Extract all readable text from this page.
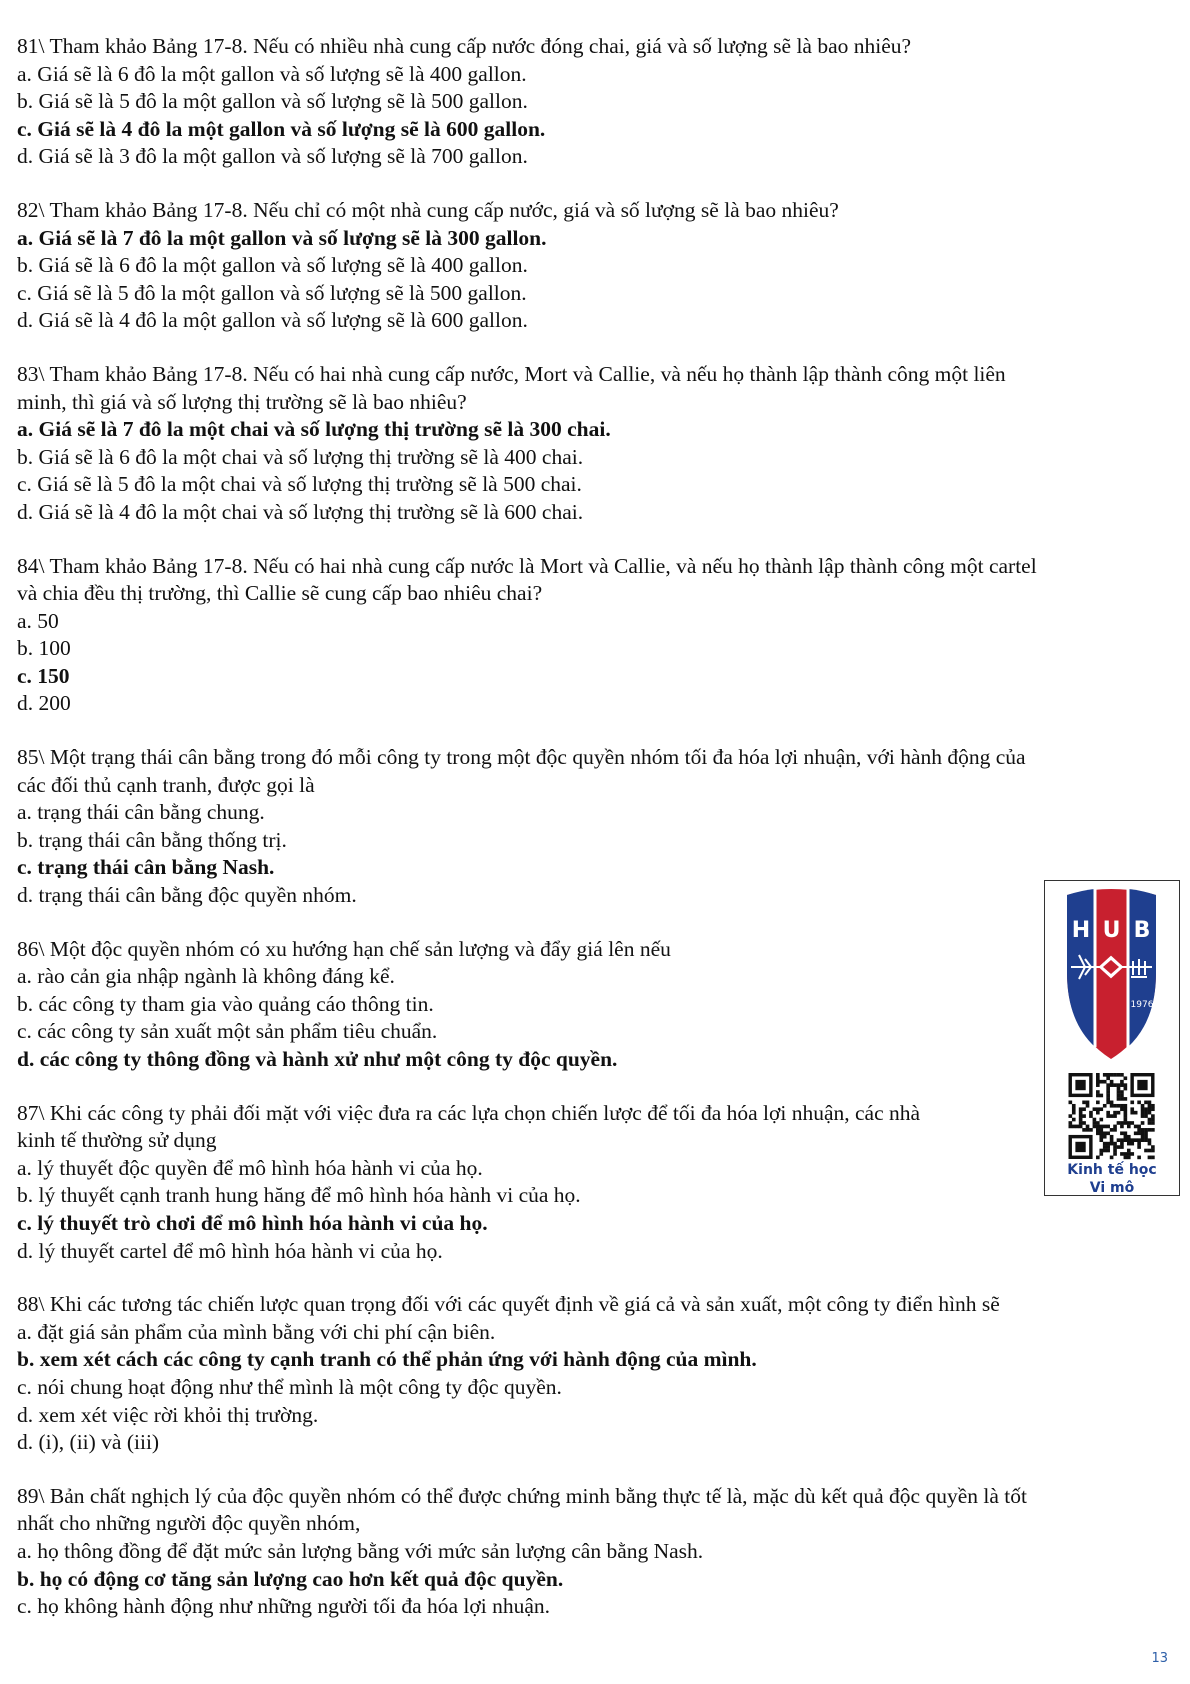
81\ Tham khảo Bảng 17-8. Nếu có nhiều nhà cung cấp nước đóng chai, giá và số lượng sẽ là bao nhiêu?
a. Giá sẽ là 6 đô la một gallon và số lượng sẽ là 400 gallon.
b. Giá sẽ là 5 đô la một gallon và số lượng sẽ là 500 gallon.
c. Giá sẽ là 4 đô la một gallon và số lượng sẽ là 600 gallon.
d. Giá sẽ là 3 đô la một gallon và số lượng sẽ là 700 gallon.
82\ Tham khảo Bảng 17-8. Nếu chỉ có một nhà cung cấp nước, giá và số lượng sẽ là bao nhiêu?
a. Giá sẽ là 7 đô la một gallon và số lượng sẽ là 300 gallon.
b. Giá sẽ là 6 đô la một gallon và số lượng sẽ là 400 gallon.
c. Giá sẽ là 5 đô la một gallon và số lượng sẽ là 500 gallon.
d. Giá sẽ là 4 đô la một gallon và số lượng sẽ là 600 gallon.
83\ Tham khảo Bảng 17-8. Nếu có hai nhà cung cấp nước, Mort và Callie, và nếu họ thành lập thành công một liên
minh, thì giá và số lượng thị trường sẽ là bao nhiêu?
a. Giá sẽ là 7 đô la một chai và số lượng thị trường sẽ là 300 chai.
b. Giá sẽ là 6 đô la một chai và số lượng thị trường sẽ là 400 chai.
c. Giá sẽ là 5 đô la một chai và số lượng thị trường sẽ là 500 chai.
d. Giá sẽ là 4 đô la một chai và số lượng thị trường sẽ là 600 chai.
84\ Tham khảo Bảng 17-8. Nếu có hai nhà cung cấp nước là Mort và Callie, và nếu họ thành lập thành công một cartel
và chia đều thị trường, thì Callie sẽ cung cấp bao nhiêu chai?
a. 50
b. 100
c. 150
d. 200
85\ Một trạng thái cân bằng trong đó mỗi công ty trong một độc quyền nhóm tối đa hóa lợi nhuận, với hành động của
các đối thủ cạnh tranh, được gọi là
a. trạng thái cân bằng chung.
b. trạng thái cân bằng thống trị.
c. trạng thái cân bằng Nash.
d. trạng thái cân bằng độc quyền nhóm.
86\ Một độc quyền nhóm có xu hướng hạn chế sản lượng và đẩy giá lên nếu
a. rào cản gia nhập ngành là không đáng kể.
b. các công ty tham gia vào quảng cáo thông tin.
c. các công ty sản xuất một sản phẩm tiêu chuẩn.
d. các công ty thông đồng và hành xử như một công ty độc quyền.
87\ Khi các công ty phải đối mặt với việc đưa ra các lựa chọn chiến lược để tối đa hóa lợi nhuận, các nhà
kinh tế thường sử dụng
a. lý thuyết độc quyền để mô hình hóa hành vi của họ.
b. lý thuyết cạnh tranh hung hăng để mô hình hóa hành vi của họ.
c. lý thuyết trò chơi để mô hình hóa hành vi của họ.
d. lý thuyết cartel để mô hình hóa hành vi của họ.
88\ Khi các tương tác chiến lược quan trọng đối với các quyết định về giá cả và sản xuất, một công ty điển hình sẽ
a. đặt giá sản phẩm của mình bằng với chi phí cận biên.
b. xem xét cách các công ty cạnh tranh có thể phản ứng với hành động của mình.
c. nói chung hoạt động như thể mình là một công ty độc quyền.
d. xem xét việc rời khỏi thị trường.
d. (i), (ii) và (iii)
89\ Bản chất nghịch lý của độc quyền nhóm có thể được chứng minh bằng thực tế là, mặc dù kết quả độc quyền là tốt
nhất cho những người độc quyền nhóm,
a. họ thông đồng để đặt mức sản lượng bằng với mức sản lượng cân bằng Nash.
b. họ có động cơ tăng sản lượng cao hơn kết quả độc quyền.
c. họ không hành động như những người tối đa hóa lợi nhuận.
H U B
1976
Kinh tế học
Vi mô
13
